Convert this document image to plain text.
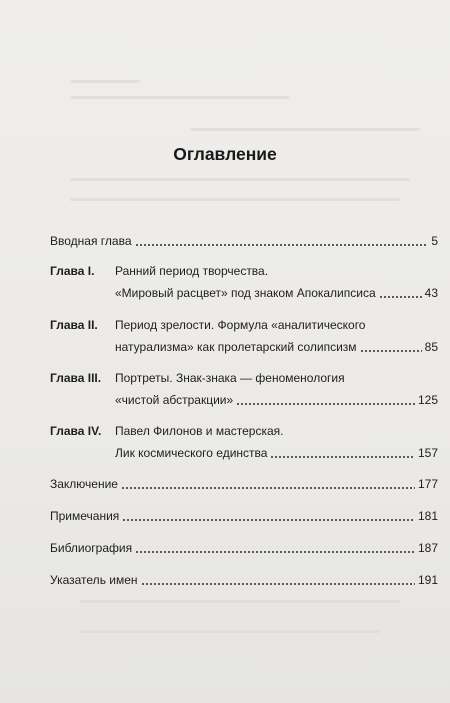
Оглавление
Вводная глава	5
Глава I. Ранний период творчества.
«Мировый расцвет» под знаком Апокалипсиса	43
Глава II. Период зрелости. Формула «аналитического
натурализма» как пролетарский солипсизм	85
Глава III. Портреты. Знак-знака — феноменология
«чистой абстракции»	125
Глава IV. Павел Филонов и мастерская.
Лик космического единства	157
Заключение	177
Примечания	181
Библиография	187
Указатель имен	191
